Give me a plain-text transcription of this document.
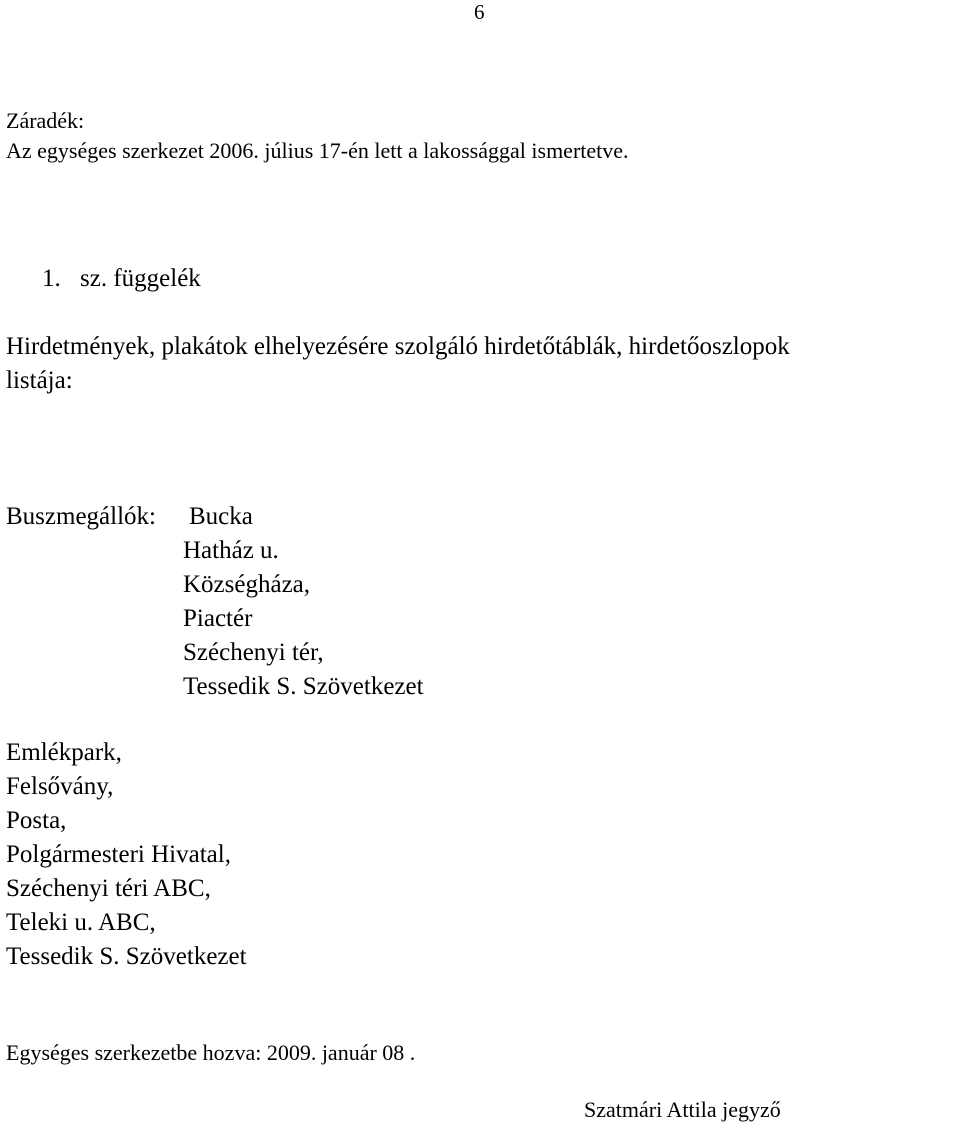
6
Záradék:
Az egységes szerkezet 2006. július 17-én lett a lakossággal ismertetve.
1. sz. függelék
Hirdetmények, plakátok elhelyezésére szolgáló hirdetőtáblák, hirdetőoszlopok
listája:
Buszmegállók: Bucka
Hatház u.
Községháza,
Piactér
Széchenyi tér,
Tessedik S. Szövetkezet
Emlékpark,
Felsővány,
Posta,
Polgármesteri Hivatal,
Széchenyi téri ABC,
Teleki u. ABC,
Tessedik S. Szövetkezet
Egységes szerkezetbe hozva: 2009. január 08 .
Szatmári Attila jegyző
